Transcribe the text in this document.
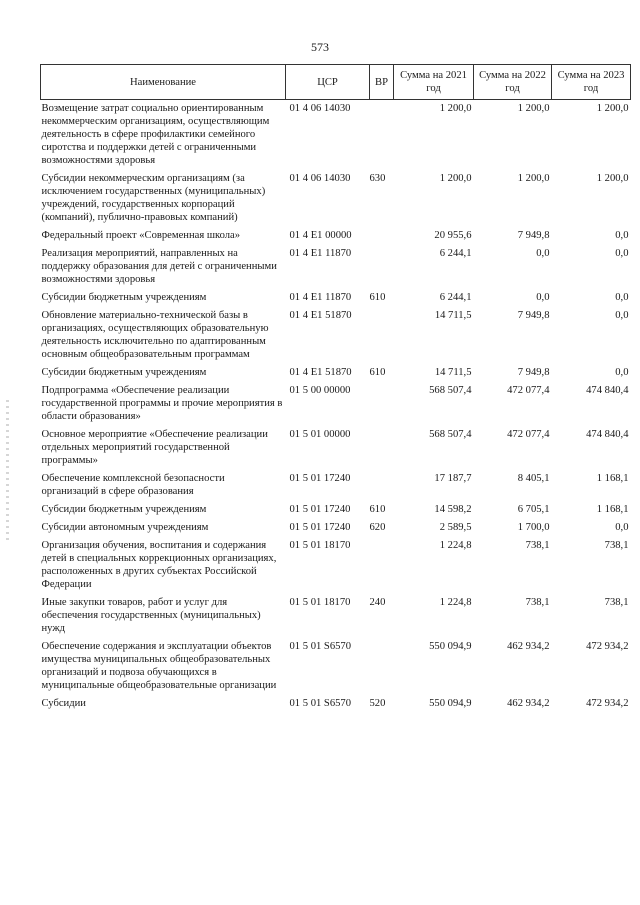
573
Наименование	ЦСР	ВР	Сумма на 2021 год	Сумма на 2022 год	Сумма на 2023 год
Возмещение затрат социально ориентированным некоммерческим организациям, осуществляющим деятельность в сфере профилактики семейного сиротства и поддержки детей с ограниченными возможностями здоровья	01 4 06 14030		1 200,0	1 200,0	1 200,0
Субсидии некоммерческим организациям (за исключением государственных (муниципальных) учреждений, государственных корпораций (компаний), публично-правовых компаний)	01 4 06 14030	630	1 200,0	1 200,0	1 200,0
Федеральный проект «Современная школа»	01 4 E1 00000		20 955,6	7 949,8	0,0
Реализация мероприятий, направленных на поддержку образования для детей с ограниченными возможностями здоровья	01 4 E1 11870		6 244,1	0,0	0,0
Субсидии бюджетным учреждениям	01 4 E1 11870	610	6 244,1	0,0	0,0
Обновление материально-технической базы в организациях, осуществляющих образовательную деятельность исключительно по адаптированным основным общеобразовательным программам	01 4 E1 51870		14 711,5	7 949,8	0,0
Субсидии бюджетным учреждениям	01 4 E1 51870	610	14 711,5	7 949,8	0,0
Подпрограмма «Обеспечение реализации государственной программы и прочие мероприятия в области образования»	01 5 00 00000		568 507,4	472 077,4	474 840,4
Основное мероприятие «Обеспечение реализации отдельных мероприятий государственной программы»	01 5 01 00000		568 507,4	472 077,4	474 840,4
Обеспечение комплексной безопасности организаций в сфере образования	01 5 01 17240		17 187,7	8 405,1	1 168,1
Субсидии бюджетным учреждениям	01 5 01 17240	610	14 598,2	6 705,1	1 168,1
Субсидии автономным учреждениям	01 5 01 17240	620	2 589,5	1 700,0	0,0
Организация обучения, воспитания и содержания детей в специальных коррекционных организациях, расположенных в других субъектах Российской Федерации	01 5 01 18170		1 224,8	738,1	738,1
Иные закупки товаров, работ и услуг для обеспечения государственных (муниципальных) нужд	01 5 01 18170	240	1 224,8	738,1	738,1
Обеспечение содержания и эксплуатации объектов имущества муниципальных общеобразовательных организаций и подвоза обучающихся в муниципальные общеобразовательные организации	01 5 01 S6570		550 094,9	462 934,2	472 934,2
Субсидии	01 5 01 S6570	520	550 094,9	462 934,2	472 934,2
